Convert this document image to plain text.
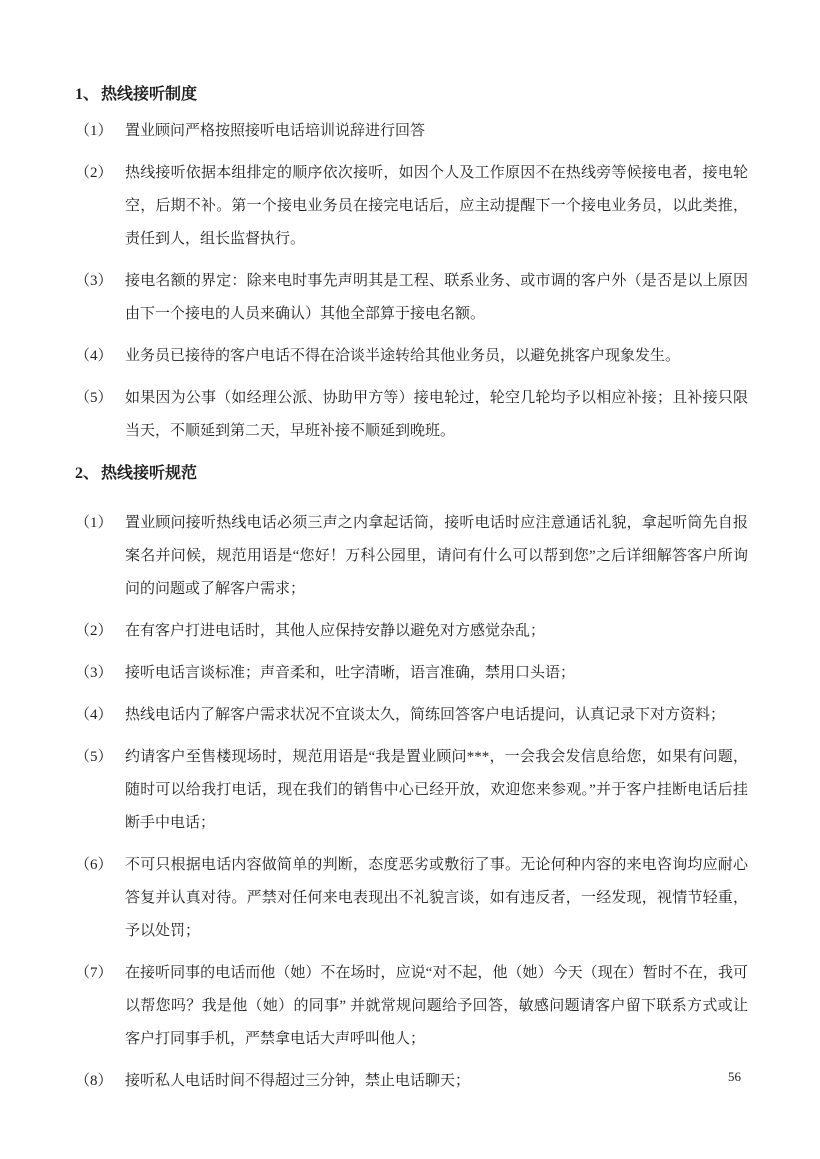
1、 热线接听制度
（1） 置业顾问严格按照接听电话培训说辞进行回答
（2） 热线接听依据本组排定的顺序依次接听，如因个人及工作原因不在热线旁等候接电者，接电轮空，后期不补。第一个接电业务员在接完电话后，应主动提醒下一个接电业务员，以此类推，责任到人，组长监督执行。
（3） 接电名额的界定：除来电时事先声明其是工程、联系业务、或市调的客户外（是否是以上原因由下一个接电的人员来确认）其他全部算于接电名额。
（4） 业务员已接待的客户电话不得在洽谈半途转给其他业务员，以避免挑客户现象发生。
（5） 如果因为公事（如经理公派、协助甲方等）接电轮过，轮空几轮均予以相应补接；且补接只限当天，不顺延到第二天，早班补接不顺延到晚班。
2、 热线接听规范
（1） 置业顾问接听热线电话必须三声之内拿起话筒，接听电话时应注意通话礼貌，拿起听筒先自报案名并问候，规范用语是“您好！万科公园里，请问有什么可以帮到您”之后详细解答客户所询问的问题或了解客户需求；
（2） 在有客户打进电话时，其他人应保持安静以避免对方感觉杂乱；
（3） 接听电话言谈标准；声音柔和，吐字清晰，语言准确，禁用口头语；
（4） 热线电话内了解客户需求状况不宜谈太久，简练回答客户电话提问，认真记录下对方资料；
（5） 约请客户至售楼现场时，规范用语是“我是置业顾问***，一会我会发信息给您，如果有问题，随时可以给我打电话，现在我们的销售中心已经开放，欢迎您来参观。”并于客户挂断电话后挂断手中电话；
（6） 不可只根据电话内容做简单的判断，态度恶劣或敷衍了事。无论何种内容的来电咨询均应耐心答复并认真对待。严禁对任何来电表现出不礼貌言谈，如有违反者，一经发现，视情节轻重，予以处罚；
（7） 在接听同事的电话而他（她）不在场时，应说“对不起，他（她）今天（现在）暂时不在，我可以帮您吗？我是他（她）的同事” 并就常规问题给予回答，敏感问题请客户留下联系方式或让客户打同事手机，严禁拿电话大声呼叫他人；
（8） 接听私人电话时间不得超过三分钟，禁止电话聊天；	56
